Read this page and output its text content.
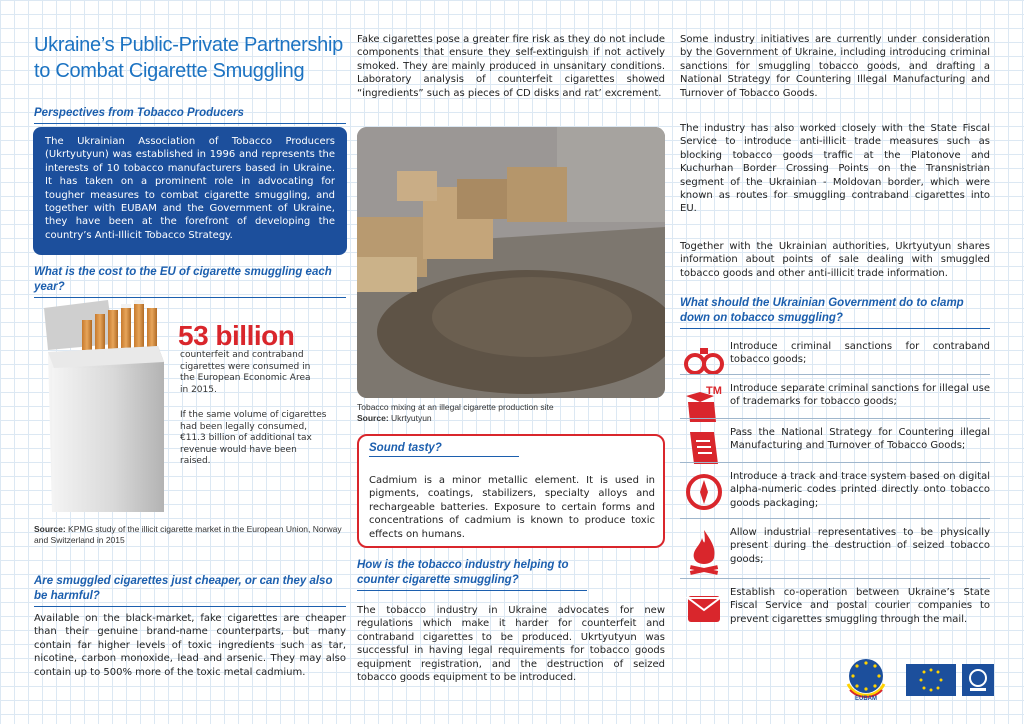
Ukraine’s Public-Private Partnership to Combat Cigarette Smuggling
Perspectives from Tobacco Producers
The Ukrainian Association of Tobacco Producers (Ukrtyutyun) was established in 1996 and represents the interests of 10 tobacco manufacturers based in Ukraine. It has taken on a prominent role in advocating for tougher measures to combat cigarette smuggling, and together with EUBAM and the Government of Ukraine, they have been at the forefront of developing the country’s Anti-Illicit Tobacco Strategy.
What is the cost to the EU of cigarette smuggling each year?
53 billion
counterfeit and contraband cigarettes were consumed in the European Economic Area in 2015.
If the same volume of cigarettes had been legally consumed, €11.3 billion of additional tax revenue would have been raised.
Source: KPMG study of the illicit cigarette market in the European Union, Norway and Switzerland in 2015
Are smuggled cigarettes just cheaper, or can they also be harmful?
Available on the black-market, fake cigarettes are cheaper than their genuine brand-name counterparts, but many contain far higher levels of toxic ingredients such as tar, nicotine, carbon monoxide, lead and arsenic. They may also contain up to 500% more of the toxic metal cadmium.
Fake cigarettes pose a greater fire risk as they do not include components that ensure they self-extinguish if not actively smoked. They are mainly produced in unsanitary conditions. Laboratory analysis of counterfeit cigarettes showed “ingredients” such as pieces of CD disks and rat’ excrement.
Tobacco mixing at an illegal cigarette production site
Source: Ukrtyutyun
Sound tasty?
Cadmium is a minor metallic element. It is used in pigments, coatings, stabilizers, specialty alloys and rechargeable batteries. Exposure to certain forms and concentrations of cadmium is known to produce toxic effects on humans.
How is the tobacco industry helping to counter cigarette smuggling?
The tobacco industry in Ukraine advocates for new regulations which make it harder for counterfeit and contraband cigarettes to be produced. Ukrtyutyun was successful in having legal requirements for tobacco goods equipment registration, and the destruction of seized tobacco goods equipment to be introduced.
Some industry initiatives are currently under consideration by the Government of Ukraine, including introducing criminal sanctions for smuggling tobacco goods, and drafting a National Strategy for Countering Illegal Manufacturing and Turnover of Tobacco Goods.
The industry has also worked closely with the State Fiscal Service to introduce anti-illicit trade measures such as blocking tobacco goods traffic at the Platonove and Kuchurhan Border Crossing Points on the Transnistrian segment of the Ukrainian - Moldovan border, which were known as routes for smuggling contraband cigarettes into EU.
Together with the Ukrainian authorities, Ukrtyutyun shares information about points of sale dealing with smuggled tobacco goods and other anti-illicit trade information.
What should the Ukrainian Government do to clamp down on tobacco smuggling?
Introduce criminal sanctions for contraband tobacco goods;
TM Introduce separate criminal sanctions for illegal use of trademarks for tobacco goods;
Pass the National Strategy for Countering illegal Manufacturing and Turnover of Tobacco Goods;
Introduce a track and trace system based on digital alpha-numeric codes printed directly onto tobacco goods packaging;
Allow industrial representatives to be physically present during the destruction of seized tobacco goods;
Establish co-operation between Ukraine’s State Fiscal Service and postal courier companies to prevent cigarettes smuggling through the mail.
EUBAM
